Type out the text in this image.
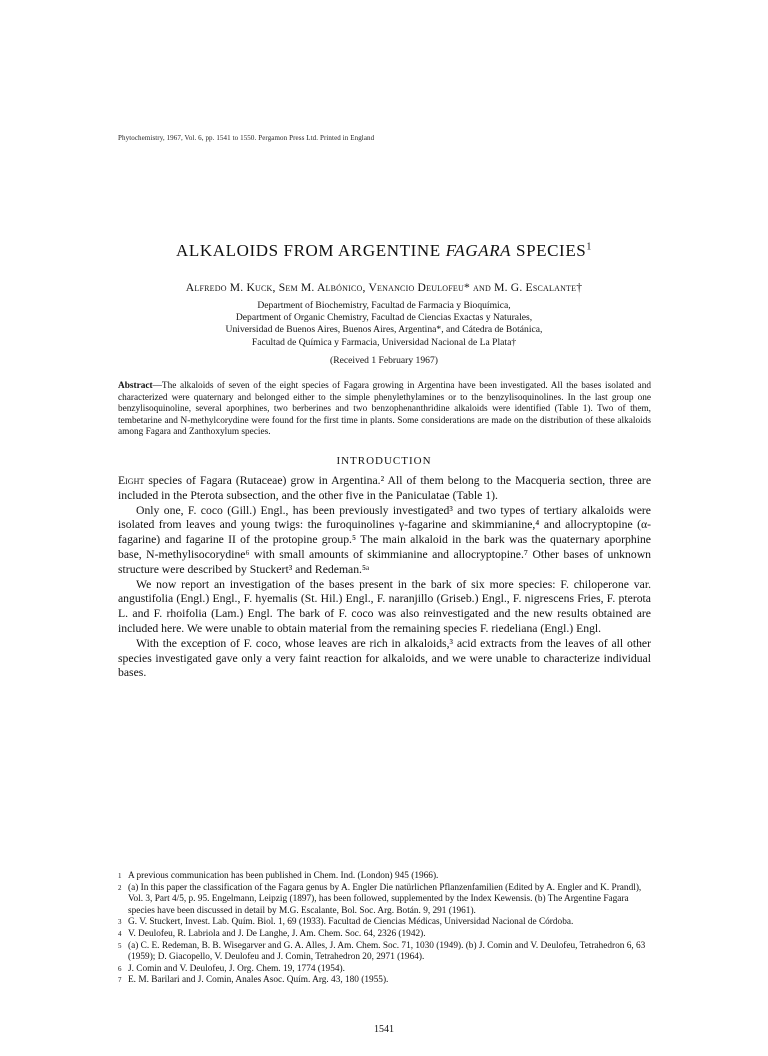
Phytochemistry, 1967, Vol. 6, pp. 1541 to 1550. Pergamon Press Ltd. Printed in England
ALKALOIDS FROM ARGENTINE FAGARA SPECIES$^1$
Alfredo M. Kuck, Sem M. Albónico, Venancio Deulofeu* and M. G. Escalante†
Department of Biochemistry, Facultad de Farmacia y Bioquímica,
Department of Organic Chemistry, Facultad de Ciencias Exactas y Naturales,
Universidad de Buenos Aires, Buenos Aires, Argentina*, and Cátedra de Botánica,
Facultad de Química y Farmacia, Universidad Nacional de La Plata†
(Received 1 February 1967)
Abstract—The alkaloids of seven of the eight species of Fagara growing in Argentina have been investigated. All the bases isolated and characterized were quaternary and belonged either to the simple phenylethylamines or to the benzylisoquinolines. In the last group one benzylisoquinoline, several aporphines, two berberines and two benzophenanthridine alkaloids were identified (Table 1). Two of them, tembetarine and N-methylcorydine were found for the first time in plants. Some considerations are made on the distribution of these alkaloids among Fagara and Zanthoxylum species.
INTRODUCTION

Eight species of Fagara (Rutaceae) grow in Argentina.² All of them belong to the Macqueria section, three are included in the Pterota subsection, and the other five in the Paniculatae (Table 1).

Only one, F. coco (Gill.) Engl., has been previously investigated³ and two types of tertiary alkaloids were isolated from leaves and young twigs: the furoquinolines γ-fagarine and skimmianine,⁴ and allocryptopine (α-fagarine) and fagarine II of the protopine group.⁵ The main alkaloid in the bark was the quaternary aporphine base, N-methylisocorydine⁶ with small amounts of skimmianine and allocryptopine.⁷ Other bases of unknown structure were described by Stuckert³ and Redeman.⁵ᵃ

We now report an investigation of the bases present in the bark of six more species: F. chiloperone var. angustifolia (Engl.) Engl., F. hyemalis (St. Hil.) Engl., F. naranjillo (Griseb.) Engl., F. nigrescens Fries, F. pterota L. and F. rhoifolia (Lam.) Engl. The bark of F. coco was also reinvestigated and the new results obtained are included here. We were unable to obtain material from the remaining species F. riedeliana (Engl.) Engl.

With the exception of F. coco, whose leaves are rich in alkaloids,³ acid extracts from the leaves of all other species investigated gave only a very faint reaction for alkaloids, and we were unable to characterize individual bases.

1 A previous communication has been published in Chem. Ind. (London) 945 (1966).
2 (a) In this paper the classification of the Fagara genus by A. Engler Die natürlichen Pflanzenfamilien (Edited by A. Engler and K. Prandl), Vol. 3, Part 4/5, p. 95. Engelmann, Leipzig (1897), has been followed, supplemented by the Index Kewensis. (b) The Argentine Fagara species have been discussed in detail by M.G. Escalante, Bol. Soc. Arg. Botán. 9, 291 (1961).
3 G. V. Stuckert, Invest. Lab. Quím. Biol. 1, 69 (1933). Facultad de Ciencias Médicas, Universidad Nacional de Córdoba.
4 V. Deulofeu, R. Labriola and J. De Langhe, J. Am. Chem. Soc. 64, 2326 (1942).
5 (a) C. E. Redeman, B. B. Wisegarver and G. A. Alles, J. Am. Chem. Soc. 71, 1030 (1949). (b) J. Comin and V. Deulofeu, Tetrahedron 6, 63 (1959); D. Giacopello, V. Deulofeu and J. Comin, Tetrahedron 20, 2971 (1964).
6 J. Comin and V. Deulofeu, J. Org. Chem. 19, 1774 (1954).
7 E. M. Barilari and J. Comin, Anales Asoc. Quím. Arg. 43, 180 (1955).
1541
